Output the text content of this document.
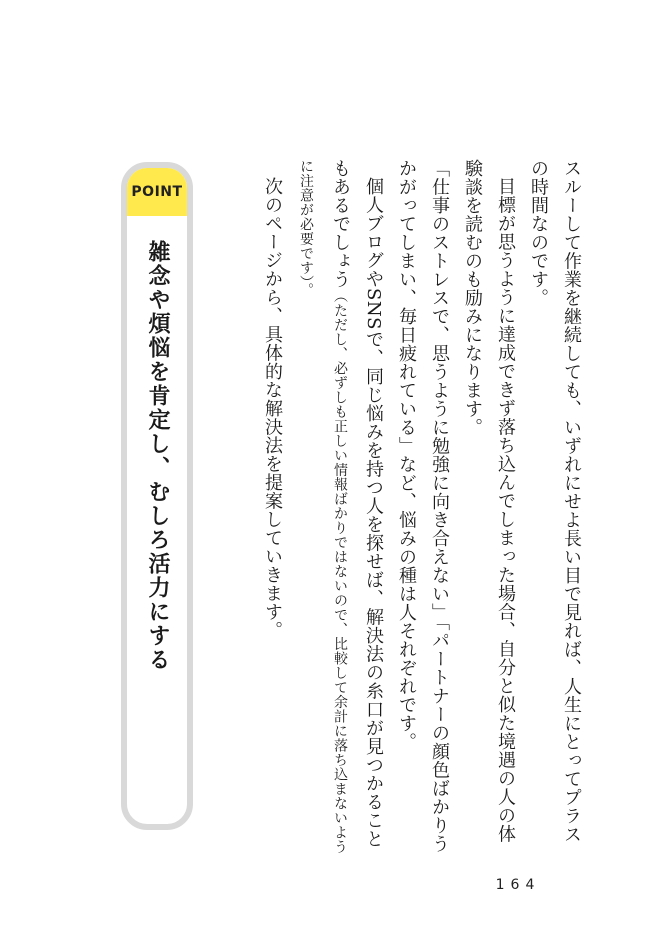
POINT
雑念や煩悩を肯定し、むしろ活力にする	スルーして作業を継続しても、いずれにせよ長い目で見れば、人生にとってプラスの時間なのです。

目標が思うように達成できず落ち込んでしまった場合、自分と似た境遇の人の体験談を読むのも励みになります。

「仕事のストレスで、思うように勉強に向き合えない」「パートナーの顔色ばかりうかがってしまい、毎日疲れている」など、悩みの種は人それぞれです。

個人ブログやSNSで、同じ悩みを持つ人を探せば、解決法の糸口が見つかることもあるでしょう（ただし、必ずしも正しい情報ばかりではないので、比較して余計に落ち込まないように注意が必要です）。

次のページから、具体的な解決法を提案していきます。

164
